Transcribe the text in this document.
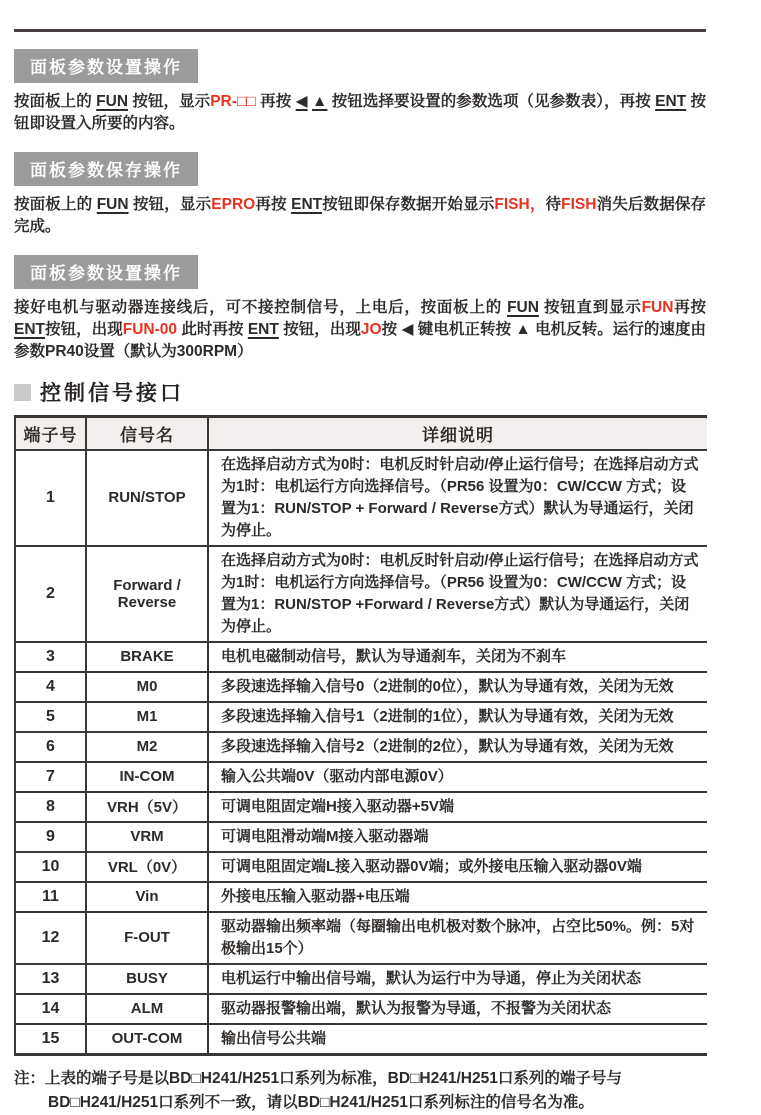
面板参数设置操作

按面板上的 FUN 按钮，显示PR-□□ 再按 ◀ ▲ 按钮选择要设置的参数选项（见参数表），再按 ENT 按钮即设置入所要的内容。

面板参数保存操作

按面板上的 FUN 按钮，显示EPRO再按 ENT按钮即保存数据开始显示FISH，待FISH消失后数据保存完成。

面板参数设置操作

接好电机与驱动器连接线后，可不接控制信号，上电后，按面板上的 FUN 按钮直到显示FUN再按 ENT按钮，出现FUN-00 此时再按 ENT 按钮，出现JO按 ◀ 键电机正转按 ▲ 电机反转。运行的速度由参数PR40设置（默认为300RPM）

控制信号接口
端子号	信号名	详细说明
1	RUN/STOP	在选择启动方式为0时：电机反时针启动/停止运行信号；在选择启动方式为1时：电机运行方向选择信号。（PR56 设置为0：CW/CCW 方式；设置为1：RUN/STOP + Forward / Reverse方式）默认为导通运行，关闭为停止。
2	Forward / Reverse	在选择启动方式为0时：电机反时针启动/停止运行信号；在选择启动方式为1时：电机运行方向选择信号。（PR56 设置为0：CW/CCW 方式；设置为1：RUN/STOP +Forward / Reverse方式）默认为导通运行，关闭为停止。
3	BRAKE	电机电磁制动信号，默认为导通刹车，关闭为不刹车
4	M0	多段速选择输入信号0（2进制的0位），默认为导通有效，关闭为无效
5	M1	多段速选择输入信号1（2进制的1位），默认为导通有效，关闭为无效
6	M2	多段速选择输入信号2（2进制的2位），默认为导通有效，关闭为无效
7	IN-COM	输入公共端0V（驱动内部电源0V）
8	VRH（5V）	可调电阻固定端H接入驱动器+5V端
9	VRM	可调电阻滑动端M接入驱动器端
10	VRL（0V）	可调电阻固定端L接入驱动器0V端；或外接电压输入驱动器0V端
11	Vin	外接电压输入驱动器+电压端
12	F-OUT	驱动器输出频率端（每圈输出电机极对数个脉冲，占空比50%。例：5对极输出15个）
13	BUSY	电机运行中输出信号端，默认为运行中为导通，停止为关闭状态
14	ALM	驱动器报警输出端，默认为报警为导通，不报警为关闭状态
15	OUT-COM	输出信号公共端

注：上表的端子号是以BD□H241/H251口系列为标准，BD□H241/H251口系列的端子号与BD□H241/H251口系列不一致，请以BD□H241/H251口系列标注的信号名为准。
